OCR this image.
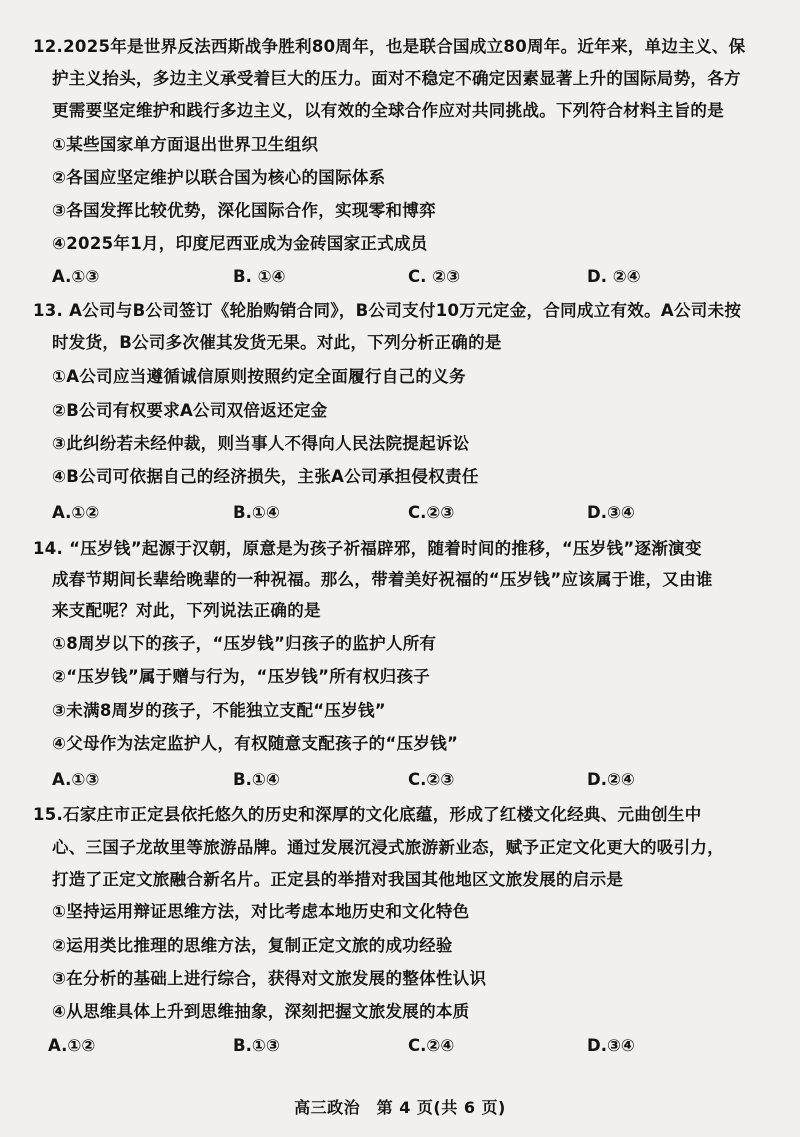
12.2025年是世界反法西斯战争胜利80周年，也是联合国成立80周年。近年来，单边主义、保
护主义抬头，多边主义承受着巨大的压力。面对不稳定不确定因素显著上升的国际局势，各方
更需要坚定维护和践行多边主义，以有效的全球合作应对共同挑战。下列符合材料主旨的是
①某些国家单方面退出世界卫生组织
②各国应坚定维护以联合国为核心的国际体系
③各国发挥比较优势，深化国际合作，实现零和博弈
④2025年1月，印度尼西亚成为金砖国家正式成员
A.①③	B. ①④	C. ②③	D. ②④
13. A公司与B公司签订《轮胎购销合同》，B公司支付10万元定金，合同成立有效。A公司未按
时发货，B公司多次催其发货无果。对此，下列分析正确的是
①A公司应当遵循诚信原则按照约定全面履行自己的义务
②B公司有权要求A公司双倍返还定金
③此纠纷若未经仲裁，则当事人不得向人民法院提起诉讼
④B公司可依据自己的经济损失，主张A公司承担侵权责任
A.①②	B.①④	C.②③	D.③④
14. “压岁钱”起源于汉朝，原意是为孩子祈福辟邪，随着时间的推移，“压岁钱”逐渐演变
成春节期间长辈给晚辈的一种祝福。那么，带着美好祝福的“压岁钱”应该属于谁，又由谁
来支配呢？对此，下列说法正确的是
①8周岁以下的孩子，“压岁钱”归孩子的监护人所有
②“压岁钱”属于赠与行为，“压岁钱”所有权归孩子
③未满8周岁的孩子，不能独立支配“压岁钱”
④父母作为法定监护人，有权随意支配孩子的“压岁钱”
A.①③	B.①④	C.②③	D.②④
15.石家庄市正定县依托悠久的历史和深厚的文化底蕴，形成了红楼文化经典、元曲创生中
心、三国子龙故里等旅游品牌。通过发展沉浸式旅游新业态，赋予正定文化更大的吸引力，
打造了正定文旅融合新名片。正定县的举措对我国其他地区文旅发展的启示是
①坚持运用辩证思维方法，对比考虑本地历史和文化特色
②运用类比推理的思维方法，复制正定文旅的成功经验
③在分析的基础上进行综合，获得对文旅发展的整体性认识
④从思维具体上升到思维抽象，深刻把握文旅发展的本质
A.①②	B.①③	C.②④	D.③④
高三政治　第 4 页(共 6 页)
